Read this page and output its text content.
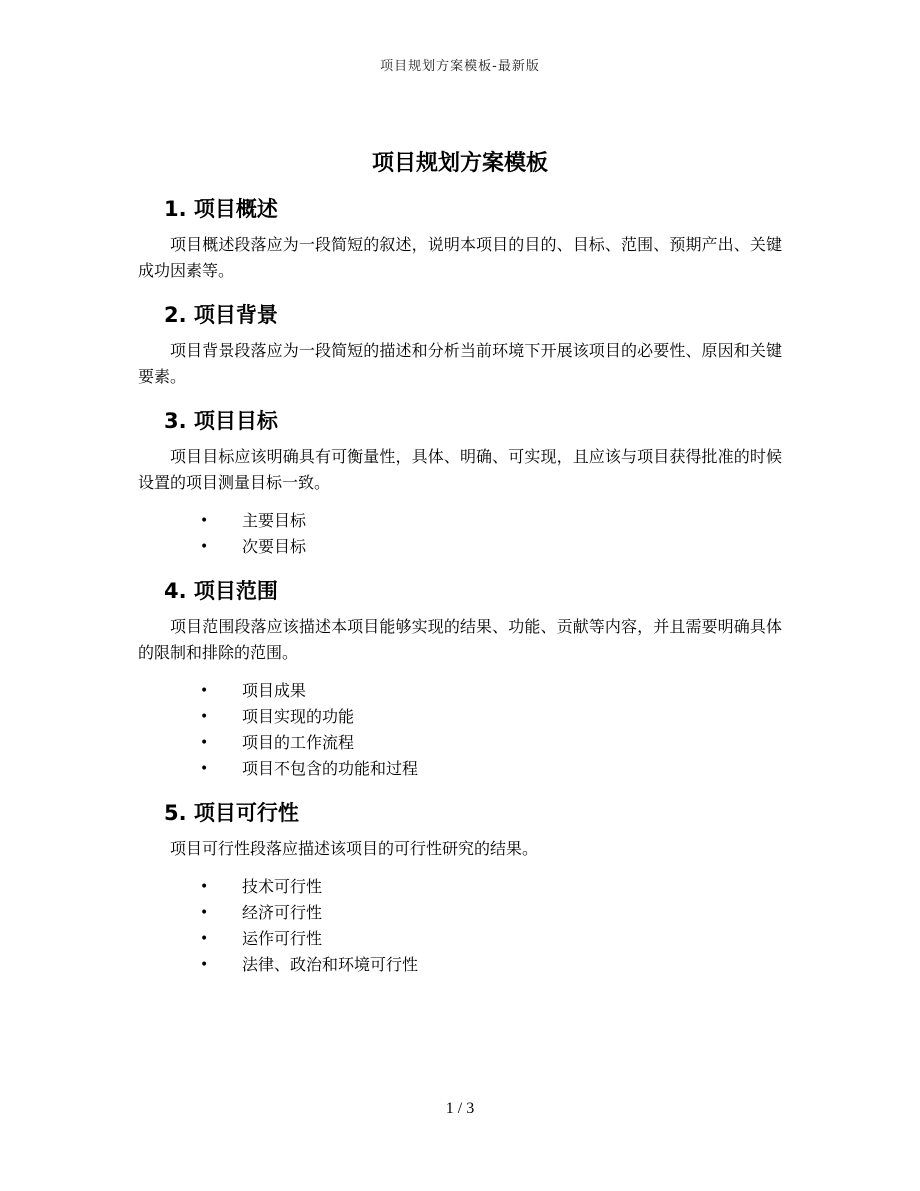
项目规划方案模板-最新版
项目规划方案模板
1. 项目概述

项目概述段落应为一段简短的叙述，说明本项目的目的、目标、范围、预期产出、关键成功因素等。

2. 项目背景

项目背景段落应为一段简短的描述和分析当前环境下开展该项目的必要性、原因和关键要素。

3. 项目目标

项目目标应该明确具有可衡量性，具体、明确、可实现，且应该与项目获得批准的时候设置的项目测量目标一致。

• 主要目标
• 次要目标
4. 项目范围

项目范围段落应该描述本项目能够实现的结果、功能、贡献等内容，并且需要明确具体的限制和排除的范围。

• 项目成果
• 项目实现的功能
• 项目的工作流程
• 项目不包含的功能和过程
5. 项目可行性

项目可行性段落应描述该项目的可行性研究的结果。

• 技术可行性
• 经济可行性
• 运作可行性
• 法律、政治和环境可行性
1 / 3
